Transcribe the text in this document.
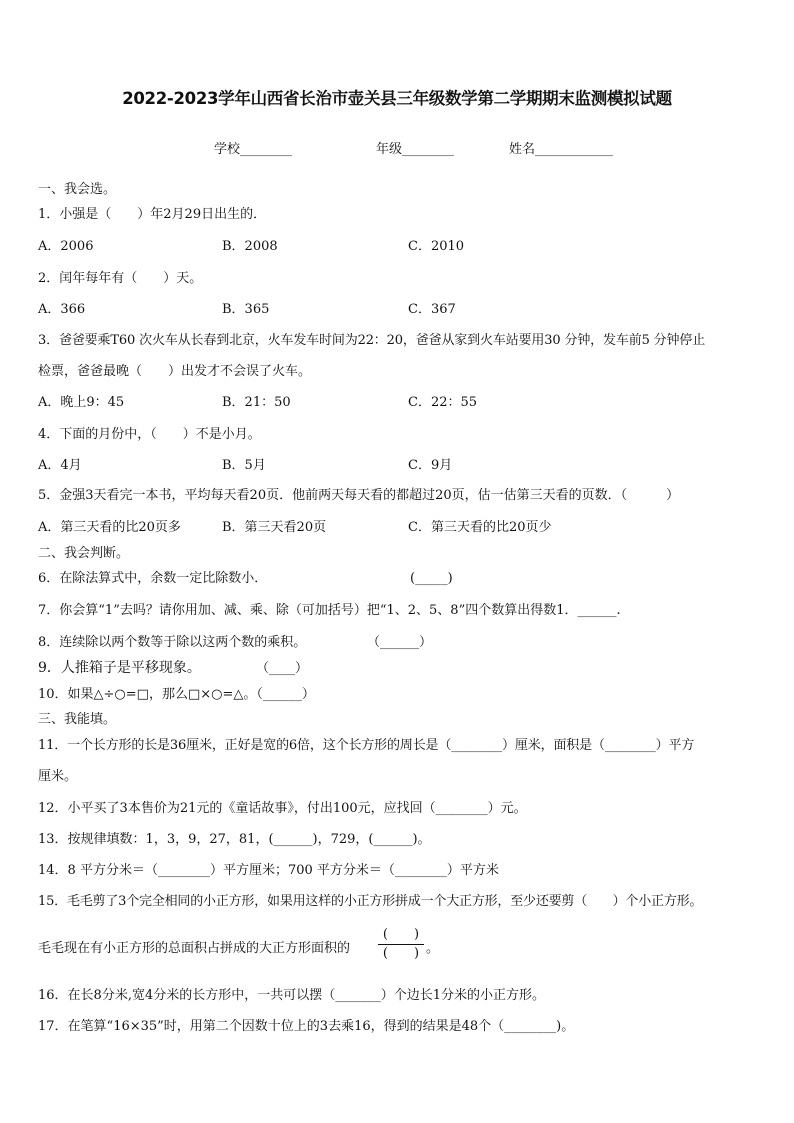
2022-2023学年山西省长治市壶关县三年级数学第二学期期末监测模拟试题
学校________	年级________	姓名____________
一、我会选。
1．小强是（　　）年2月29日出生的．
A．2006	B．2008	C．2010
2．闰年每年有（　　）天。
A．366	B．365	C．367
3．爸爸要乘T60 次火车从长春到北京，火车发车时间为22：20，爸爸从家到火车站要用30 分钟，发车前5 分钟停止
检票，爸爸最晚（　　）出发才不会误了火车。
A．晚上9：45	B．21：50	C．22：55
4．下面的月份中，（　　）不是小月。
A．4月	B．5月	C．9月
5．金强3天看完一本书，平均每天看20页．他前两天每天看的都超过20页，估一估第三天看的页数．（　　　）
A．第三天看的比20页多	B．第三天看20页	C．第三天看的比20页少
二、我会判断。
6．在除法算式中，余数一定比除数小．	(_____)
7．你会算“1”去吗？请你用加、减、乘、除（可加括号）把“1、2、5、8”四个数算出得数1．______.
8．连续除以两个数等于除以这两个数的乘积。	（______）
9．人推箱子是平移现象。	（____）
10．如果△÷○=□，那么□×○=△。（______）
三、我能填。
11．一个长方形的长是36厘米，正好是宽的6倍，这个长方形的周长是（________）厘米，面积是（________）平方
厘米。
12．小平买了3本售价为21元的《童话故事》，付出100元，应找回（________）元。
13．按规律填数：1，3，9，27，81，(______)，729，(______)。
14．8 平方分米＝（________）平方厘米；700 平方分米＝（________）平方米
15．毛毛剪了3个完全相同的小正方形，如果用这样的小正方形拼成一个大正方形，至少还要剪（　　）个小正方形。
毛毛现在有小正方形的总面积占拼成的大正方形面积的
(　　)
(　　) 。
16．在长8分米,宽4分米的长方形中，一共可以摆（_______）个边长1分米的小正方形。
17．在笔算“16×35”时，用第二个因数十位上的3去乘16，得到的结果是48个（________)。
